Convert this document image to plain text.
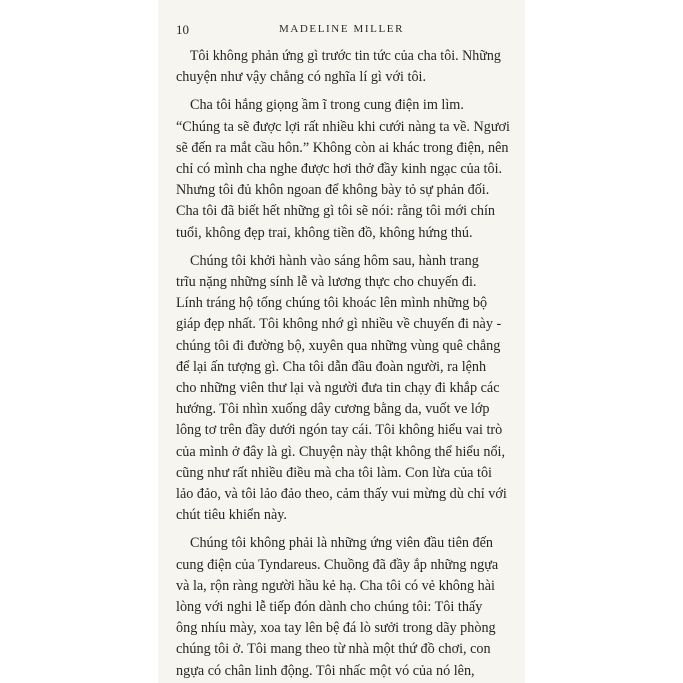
10	MADELINE MILLER
Tôi không phản ứng gì trước tin tức của cha tôi. Những
chuyện như vậy chẳng có nghĩa lí gì với tôi.
Cha tôi hắng giọng ầm ĩ trong cung điện im lìm.
“Chúng ta sẽ được lợi rất nhiều khi cưới nàng ta về. Ngươi
sẽ đến ra mắt cầu hôn.” Không còn ai khác trong điện, nên
chỉ có mình cha nghe được hơi thở đầy kinh ngạc của tôi.
Nhưng tôi đủ khôn ngoan để không bày tỏ sự phản đối.
Cha tôi đã biết hết những gì tôi sẽ nói: rằng tôi mới chín
tuổi, không đẹp trai, không tiền đồ, không hứng thú.
Chúng tôi khởi hành vào sáng hôm sau, hành trang
trĩu nặng những sính lễ và lương thực cho chuyến đi.
Lính tráng hộ tống chúng tôi khoác lên mình những bộ
giáp đẹp nhất. Tôi không nhớ gì nhiều về chuyến đi này -
chúng tôi đi đường bộ, xuyên qua những vùng quê chẳng
để lại ấn tượng gì. Cha tôi dẫn đầu đoàn người, ra lệnh
cho những viên thư lại và người đưa tin chạy đi khắp các
hướng. Tôi nhìn xuống dây cương bằng da, vuốt ve lớp
lông tơ trên đầy dưới ngón tay cái. Tôi không hiểu vai trò
của mình ở đây là gì. Chuyện này thật không thể hiểu nổi,
cũng như rất nhiều điều mà cha tôi làm. Con lừa của tôi
lảo đảo, và tôi lảo đảo theo, cảm thấy vui mừng dù chỉ với
chút tiêu khiển này.
Chúng tôi không phải là những ứng viên đầu tiên đến
cung điện của Tyndareus. Chuồng đã đầy ắp những ngựa
và la, rộn ràng người hầu kẻ hạ. Cha tôi có vẻ không hài
lòng với nghi lễ tiếp đón dành cho chúng tôi: Tôi thấy
ông nhíu mày, xoa tay lên bệ đá lò sưởi trong dãy phòng
chúng tôi ở. Tôi mang theo từ nhà một thứ đồ chơi, con
ngựa có chân linh động. Tôi nhấc một vó của nó lên,
